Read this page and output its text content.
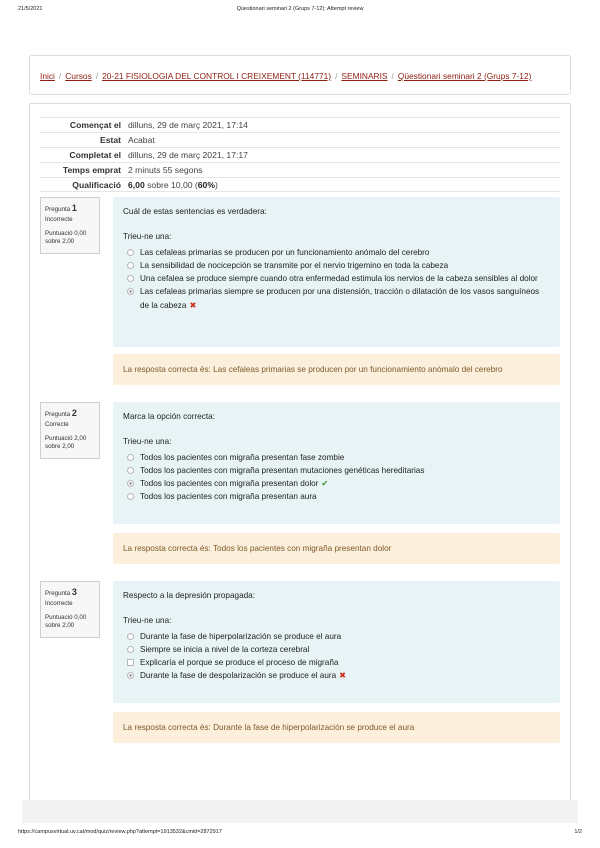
21/5/2021	Qüestionari seminari 2 (Grups 7-12): Attempt review
Inici / Cursos / 20-21 FISIOLOGIA DEL CONTROL I CREIXEMENT (114771) / SEMINARIS / Qüestionari seminari 2 (Grups 7-12)
Començat el dilluns, 29 de març 2021, 17:14
Estat Acabat
Completat el dilluns, 29 de març 2021, 17:17
Temps emprat 2 minuts 55 segons
Qualificació 6,00 sobre 10,00 (60%)
Pregunta 1
Incorrecte
Puntuació 0,00 sobre 2,00
Cuál de estas sentencias es verdadera:
Trieu-ne una:
Las cefaleas primarias se producen por un funcionamiento anómalo del cerebro
La sensibilidad de nocicepción se transmite por el nervio trigemino en toda la cabeza
Una cefalea se produce siempre cuando otra enfermedad estimula los nervios de la cabeza sensibles al dolor
Las cefaleas primarias siempre se producen por una distensión, tracción o dilatación de los vasos sanguíneos de la cabeza ✖
La resposta correcta és: Las cefaleas primarias se producen por un funcionamiento anómalo del cerebro
Pregunta 2
Correcte
Puntuació 2,00 sobre 2,00
Marca la opción correcta:
Trieu-ne una:
Todos los pacientes con migraña presentan fase zombie
Todos los pacientes con migraña presentan mutaciones genéticas hereditarias
Todos los pacientes con migraña presentan dolor ✔
Todos los pacientes con migraña presentan aura
La resposta correcta és: Todos los pacientes con migraña presentan dolor
Pregunta 3
Incorrecte
Puntuació 0,00 sobre 2,00
Respecto a la depresión propagada:
Trieu-ne una:
Durante la fase de hiperpolarización se produce el aura
Siempre se inicia a nivel de la corteza cerebral
Explicaría el porque se produce el proceso de migraña
Durante la fase de despolarización se produce el aura ✖
La resposta correcta és: Durante la fase de hiperpolarización se produce el aura
https://campusvirtual.uv.cat/mod/quiz/review.php?attempt=1913532&cmid=2872917	1/2
